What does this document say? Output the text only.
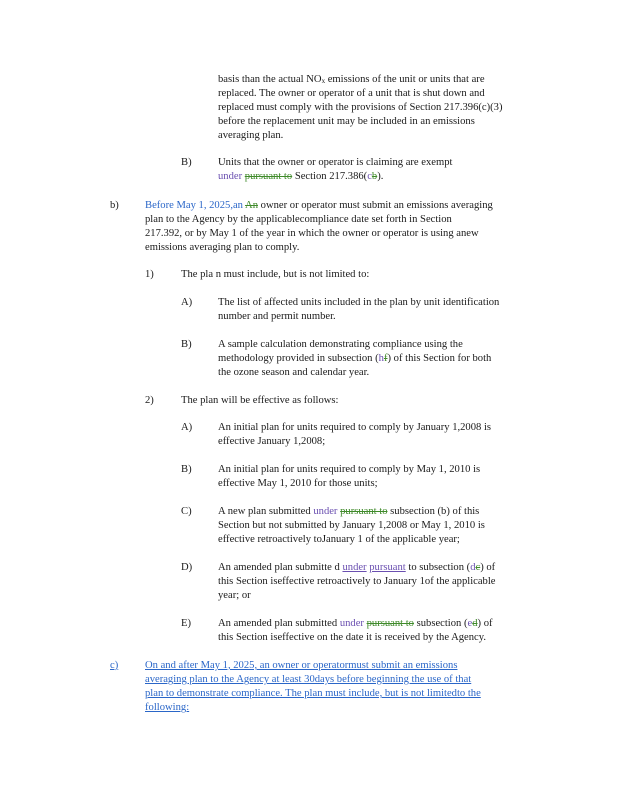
basis than the actual NOx emissions of the unit or units that are
replaced. The owner or operator of a unit that is shut down and
replaced must comply with the provisions of Section 217.396(c)(3)
before the replacement unit may be included in an emissions
averaging plan.
B) Units that the owner or operator is claiming are exempt
under pursuant to Section 217.386(cb).
b) Before May 1, 2025,an An owner or operator must submit an emissions averaging
plan to the Agency by the applicablecompliance date set forth in Section
217.392, or by May 1 of the year in which the owner or operator is using anew
emissions averaging plan to comply.
1)	The pla n must include, but is not limited to:
A) The list of affected units included in the plan by unit identification
number and permit number.
B) A sample calculation demonstrating compliance using the
methodology provided in subsection (hf) of this Section for both
the ozone season and calendar year.
2)	The plan will be effective as follows:
A) An initial plan for units required to comply by January 1,2008 is
effective January 1,2008;
B) An initial plan for units required to comply by May 1, 2010 is
effective May 1, 2010 for those units;
C) A new plan submitted under pursuant to subsection (b) of this
Section but not submitted by January 1,2008 or May 1, 2010 is
effective retroactively toJanuary 1 of the applicable year;
D) An amended plan submitte d under pursuant to subsection (dc) of
this Section iseffective retroactively to January 1of the applicable
year; or
E)	An amended plan submitted under pursuant to subsection (ed) of
this Section iseffective on the date it is received by the Agency.
c)	On and after May 1, 2025, an owner or operatormust submit an emissions
averaging plan to the Agency at least 30days before beginning the use of that
plan to demonstrate compliance. The plan must include, but is not limitedto the
following:
